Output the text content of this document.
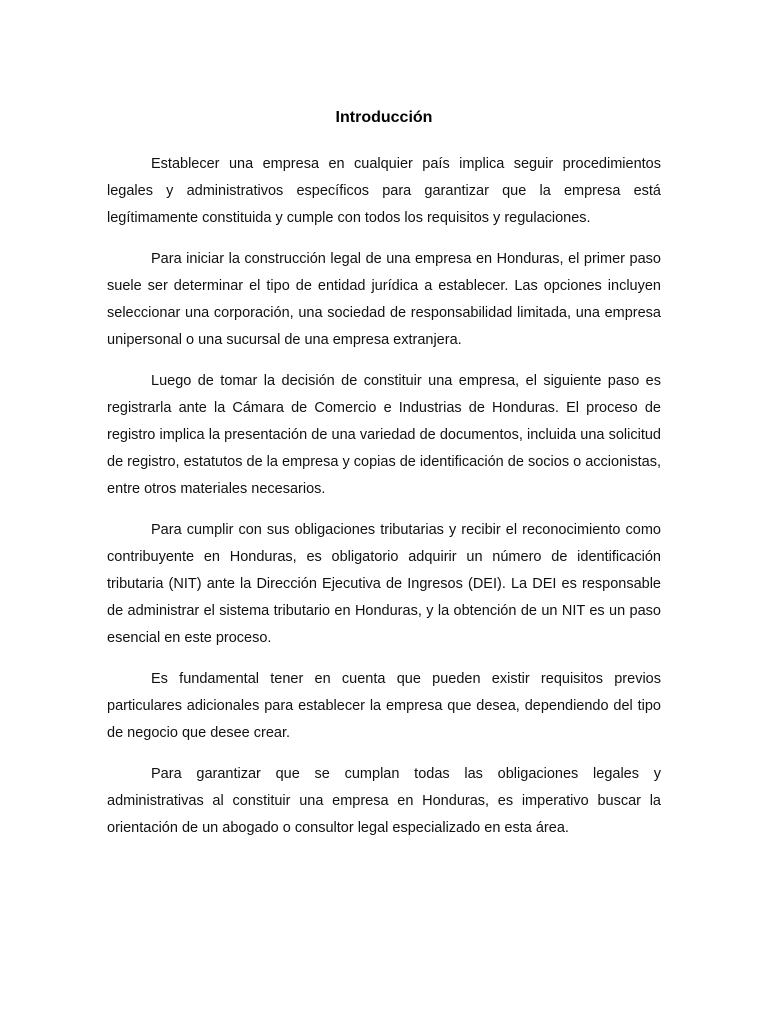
Introducción

Establecer una empresa en cualquier país implica seguir procedimientos legales y administrativos específicos para garantizar que la empresa está legítimamente constituida y cumple con todos los requisitos y regulaciones.

Para iniciar la construcción legal de una empresa en Honduras, el primer paso suele ser determinar el tipo de entidad jurídica a establecer. Las opciones incluyen seleccionar una corporación, una sociedad de responsabilidad limitada, una empresa unipersonal o una sucursal de una empresa extranjera.

Luego de tomar la decisión de constituir una empresa, el siguiente paso es registrarla ante la Cámara de Comercio e Industrias de Honduras. El proceso de registro implica la presentación de una variedad de documentos, incluida una solicitud de registro, estatutos de la empresa y copias de identificación de socios o accionistas, entre otros materiales necesarios.

Para cumplir con sus obligaciones tributarias y recibir el reconocimiento como contribuyente en Honduras, es obligatorio adquirir un número de identificación tributaria (NIT) ante la Dirección Ejecutiva de Ingresos (DEI). La DEI es responsable de administrar el sistema tributario en Honduras, y la obtención de un NIT es un paso esencial en este proceso.

Es fundamental tener en cuenta que pueden existir requisitos previos particulares adicionales para establecer la empresa que desea, dependiendo del tipo de negocio que desee crear.

Para garantizar que se cumplan todas las obligaciones legales y administrativas al constituir una empresa en Honduras, es imperativo buscar la orientación de un abogado o consultor legal especializado en esta área.
